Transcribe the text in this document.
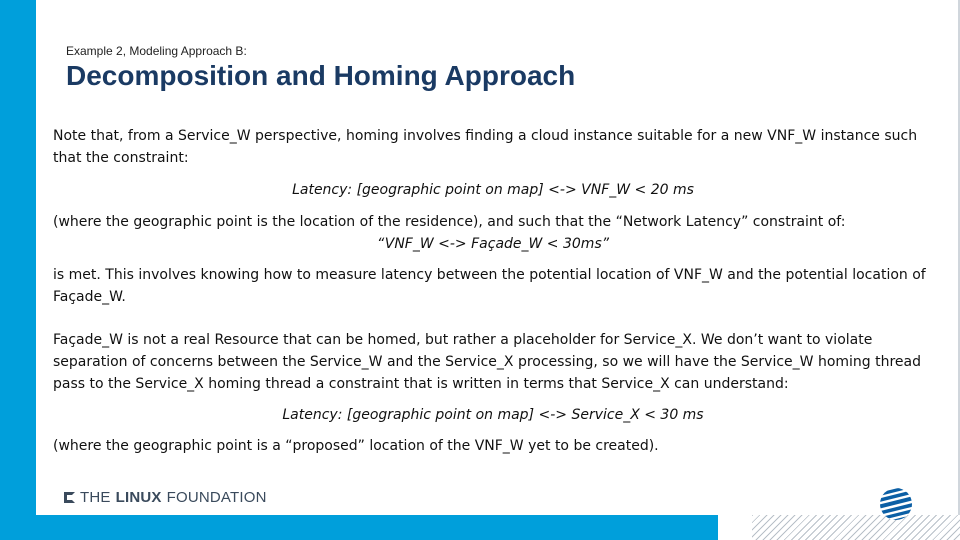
Example 2, Modeling Approach B:
Decomposition and Homing Approach
Note that, from a Service_W perspective, homing involves finding a cloud instance suitable for a new VNF_W instance such that the constraint:
Latency: [geographic point on map] <-> VNF_W < 20 ms
(where the geographic point is the location of the residence), and such that the “Network Latency” constraint of:
“VNF_W <-> Façade_W < 30ms”
is met. This involves knowing how to measure latency between the potential location of VNF_W and the potential location of Façade_W.
Façade_W is not a real Resource that can be homed, but rather a placeholder for Service_X. We don’t want to violate separation of concerns between the Service_W and the Service_X processing, so we will have the Service_W homing thread pass to the Service_X homing thread a constraint that is written in terms that Service_X can understand:
Latency: [geographic point on map] <-> Service_X < 30 ms
(where the geographic point is a “proposed” location of the VNF_W yet to be created).
THE LINUX FOUNDATION
